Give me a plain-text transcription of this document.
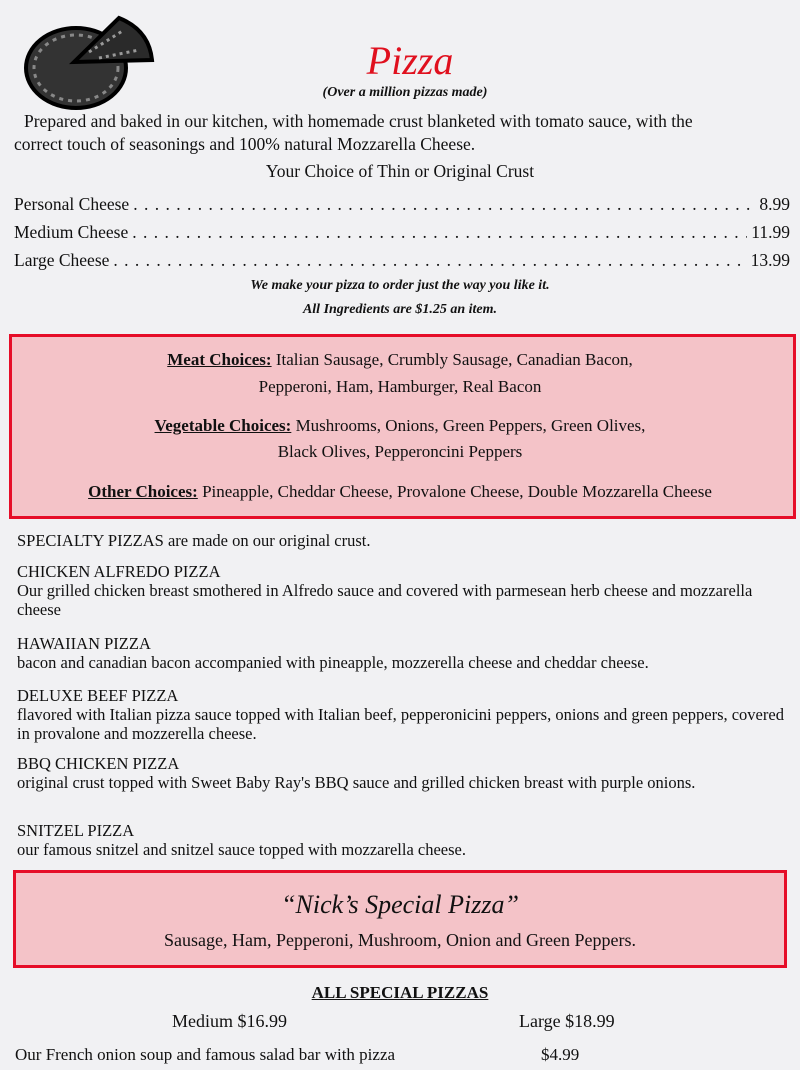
Pizza
(Over a million pizzas made)
Prepared and baked in our kitchen, with homemade crust blanketed with tomato sauce, with the
correct touch of seasonings and 100% natural Mozzarella Cheese.
Your Choice of Thin or Original Crust
Personal Cheese . . .	8.99
Medium Cheese . . .	11.99
Large Cheese . . .	13.99
We make your pizza to order just the way you like it.
All Ingredients are $1.25 an item.
Meat Choices: Italian Sausage, Crumbly Sausage, Canadian Bacon,
Pepperoni, Ham, Hamburger, Real Bacon
Vegetable Choices: Mushrooms, Onions, Green Peppers, Green Olives,
Black Olives, Pepperoncini Peppers
Other Choices: Pineapple, Cheddar Cheese, Provalone Cheese, Double Mozzarella Cheese
SPECIALTY PIZZAS are made on our original crust.
CHICKEN ALFREDO PIZZA
Our grilled chicken breast smothered in Alfredo sauce and covered with parmesean herb cheese and mozzarella cheese
HAWAIIAN PIZZA
bacon and canadian bacon accompanied with pineapple, mozzerella cheese and cheddar cheese.
DELUXE BEEF PIZZA
flavored with Italian pizza sauce topped with Italian beef, pepperonicini peppers, onions and green peppers, covered in provalone and mozzerella cheese.
BBQ CHICKEN PIZZA
original crust topped with Sweet Baby Ray's BBQ sauce and grilled chicken breast with purple onions.
SNITZEL PIZZA
our famous snitzel and snitzel sauce topped with mozzarella cheese.
“Nick’s Special Pizza”
Sausage, Ham, Pepperoni, Mushroom, Onion and Green Peppers.
ALL SPECIAL PIZZAS
Medium $16.99	Large $18.99
Our French onion soup and famous salad bar with pizza	$4.99
